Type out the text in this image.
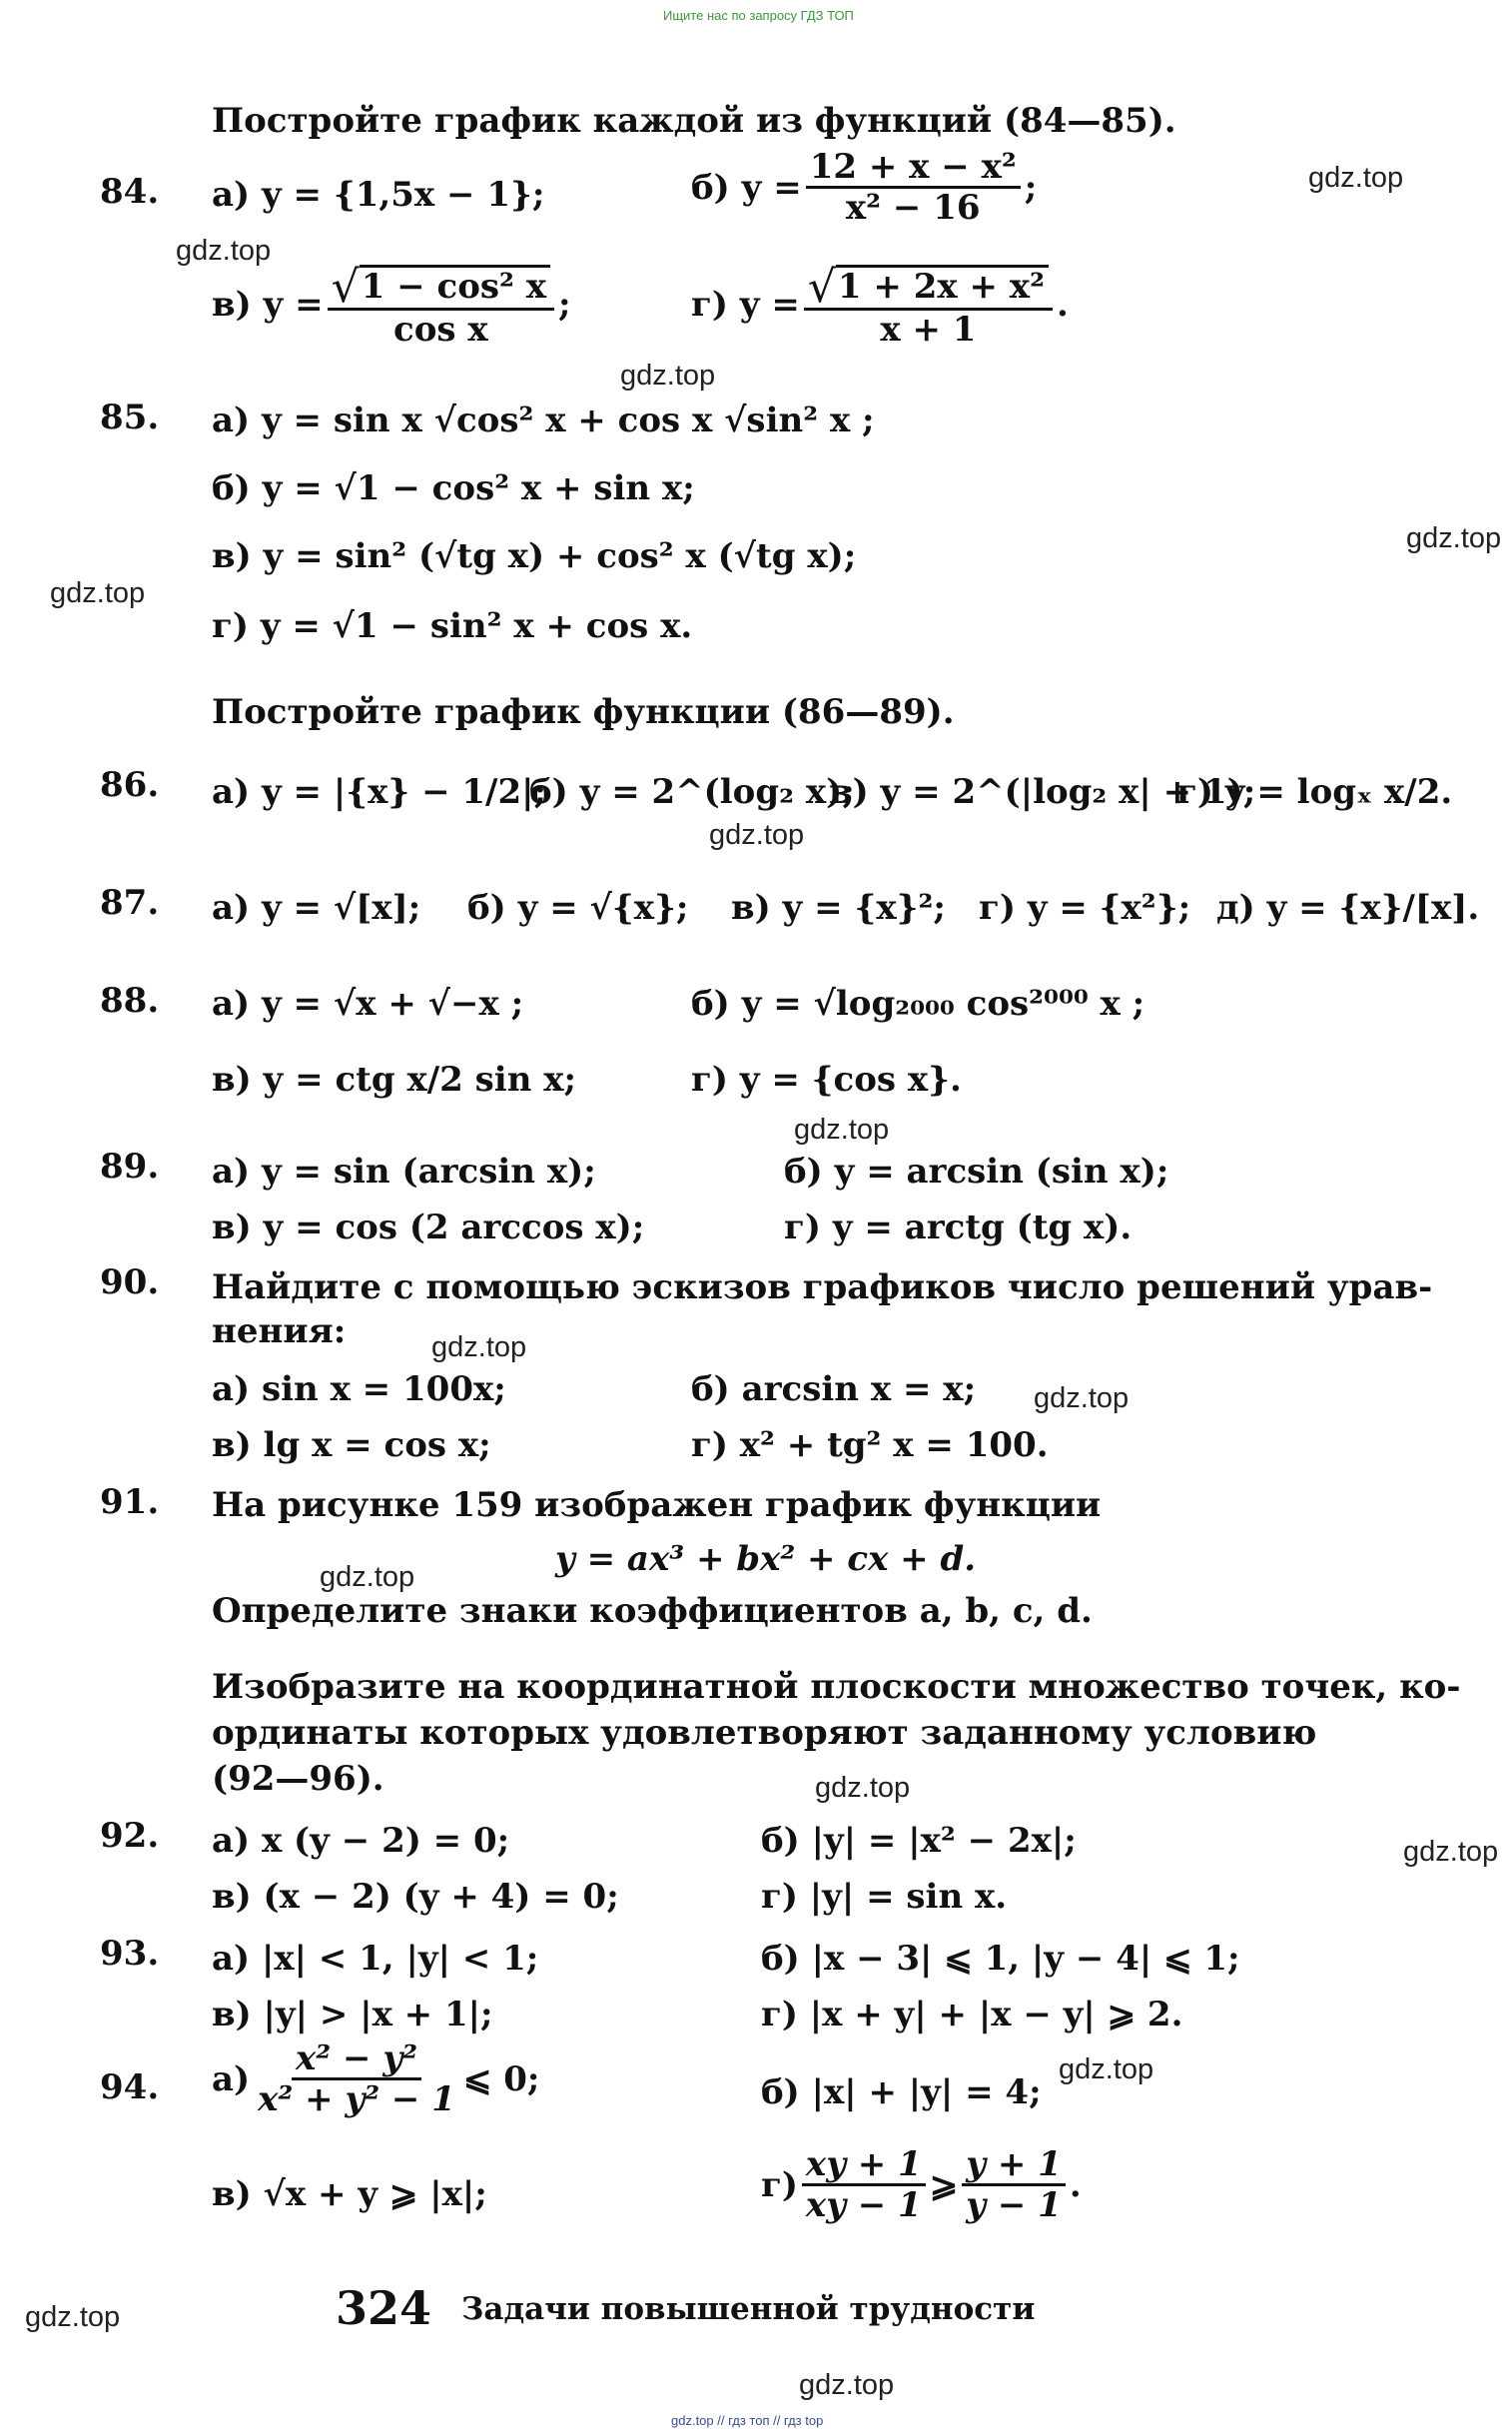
Ищите нас по запросу ГДЗ ТОП
gdz.top // гдз топ // гдз top
gdz.top
gdz.top
gdz.top
gdz.top
gdz.top
gdz.top
gdz.top
gdz.top
gdz.top
gdz.top
gdz.top
gdz.top
gdz.top
gdz.top
gdz.top
Постройте график каждой из функций (84—85).
84. а) y = {1,5x − 1};	б) $y = \frac{\text{12 + x − x²}}{\text{x² − 16}}$ ;
в) $y = \frac{\text{√1 − cos² x}}{\text{cos x}}$ ;	г) $y = \frac{\text{√1 + 2x + x²}}{x + 1}$ .
85. а) y = sin x √cos² x + cos x √sin² x ;
б) y = √1 − cos² x + sin x;
в) y = sin² (√tg x) + cos² x (√tg x);
г) y = √1 − sin² x + cos x.
Постройте график функции (86—89).
86. а) y = |{x} − 1/2|;
б) y = 2^(log₂ x);
в) y = 2^(|log₂ x| + 1);
г) y = logₓ x/2.
87. а) y = √[x]; б) y = √{x}; в) y = {x}²; г) y = {x²}; д) y = {x}/[x].
88. а) y = √x + √−x ;	б) y = √log₂₀₀₀ cos²⁰⁰⁰ x ;
в) y = ctg x/2 sin x;	г) y = {cos x}.
89. а) y = sin (arcsin x);	б) y = arcsin (sin x);
в) y = cos (2 arccos x);	г) y = arctg (tg x).
90. Найдите с помощью эскизов графиков число решений урав-
нения:
а) sin x = 100x;	б) arcsin x = x;
в) lg x = cos x;	г) x² + tg² x = 100.
91. На рисунке 159 изображен график функции
y = ax³ + bx² + cx + d.
Определите знаки коэффициентов a, b, c, d.
Изобразите на координатной плоскости множество точек, ко-
ординаты которых удовлетворяют заданному условию
(92—96).
92. а) x (y − 2) = 0;	б) |y| = |x² − 2x|;
в) (x − 2) (y + 4) = 0;	г) |y| = sin x.
93. а) |x| < 1, |y| < 1;	б) |x − 3| ⩽ 1, |y − 4| ⩽ 1;
в) |y| > |x + 1|;	г) |x + y| + |x − y| ⩾ 2.
94. $а) \frac{\text{x² − y²}}{\text{x² + y² − 1}}$ ⩽ 0;	б) |x| + |y| = 4;
в) √x + y ⩾ |x|;	$г) \frac{xy + 1}{xy - 1}$ ⩾ $\frac{y + 1}{y - 1}$ .
324 Задачи повышенной трудности
